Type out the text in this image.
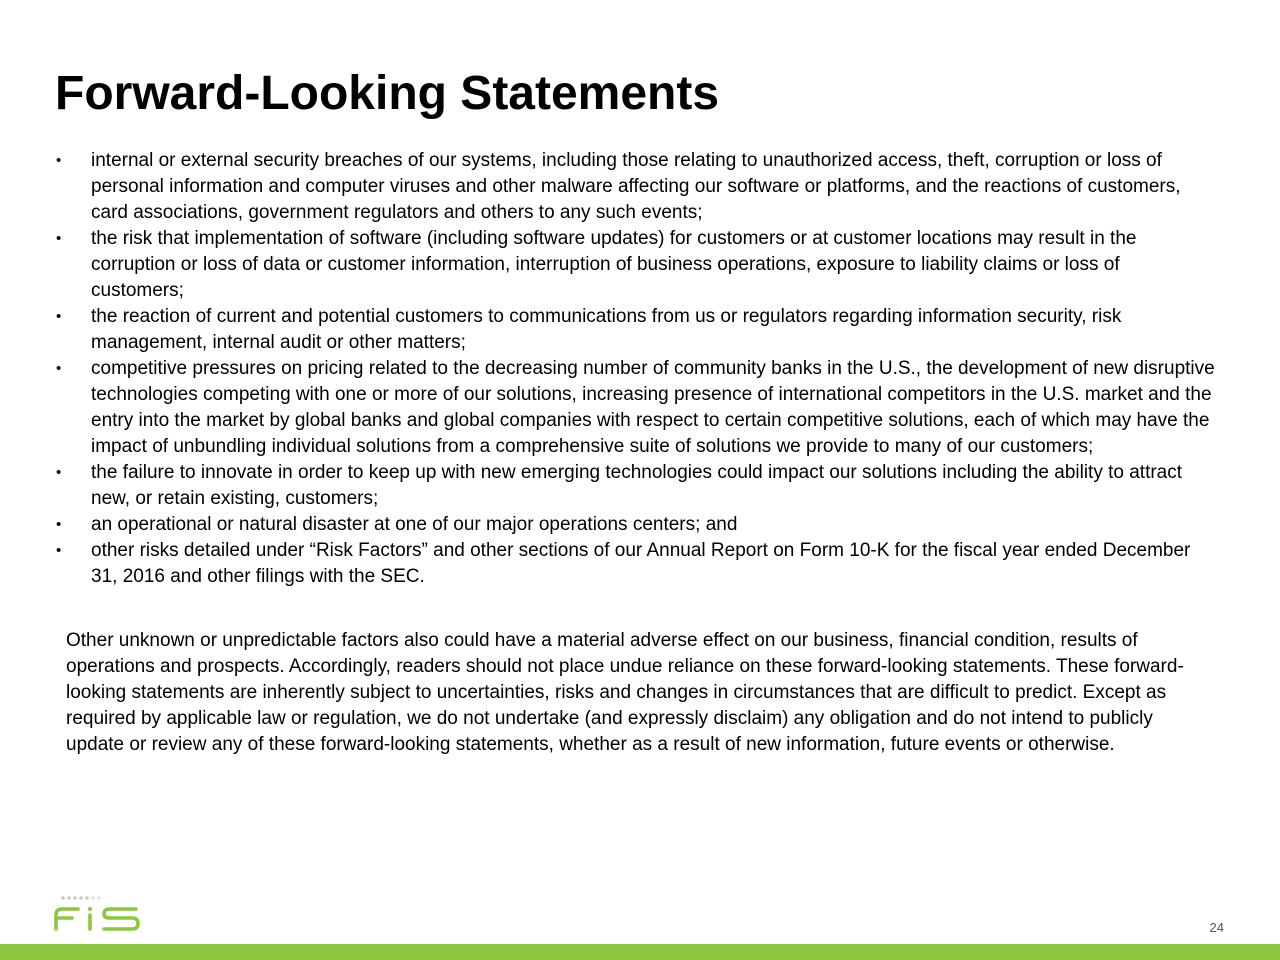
Forward-Looking Statements
• internal or external security breaches of our systems, including those relating to unauthorized access, theft, corruption or loss of personal information and computer viruses and other malware affecting our software or platforms, and the reactions of customers, card associations, government regulators and others to any such events;
• the risk that implementation of software (including software updates) for customers or at customer locations may result in the corruption or loss of data or customer information, interruption of business operations, exposure to liability claims or loss of customers;
• the reaction of current and potential customers to communications from us or regulators regarding information security, risk management, internal audit or other matters;
• competitive pressures on pricing related to the decreasing number of community banks in the U.S., the development of new disruptive technologies competing with one or more of our solutions, increasing presence of international competitors in the U.S. market and the entry into the market by global banks and global companies with respect to certain competitive solutions, each of which may have the impact of unbundling individual solutions from a comprehensive suite of solutions we provide to many of our customers;
• the failure to innovate in order to keep up with new emerging technologies could impact our solutions including the ability to attract new, or retain existing, customers;
• an operational or natural disaster at one of our major operations centers; and
• other risks detailed under “Risk Factors” and other sections of our Annual Report on Form 10-K for the fiscal year ended December 31, 2016 and other filings with the SEC.

Other unknown or unpredictable factors also could have a material adverse effect on our business, financial condition, results of operations and prospects. Accordingly, readers should not place undue reliance on these forward-looking statements. These forward-looking statements are inherently subject to uncertainties, risks and changes in circumstances that are difficult to predict. Except as required by applicable law or regulation, we do not undertake (and expressly disclaim) any obligation and do not intend to publicly update or review any of these forward-looking statements, whether as a result of new information, future events or otherwise.

24
